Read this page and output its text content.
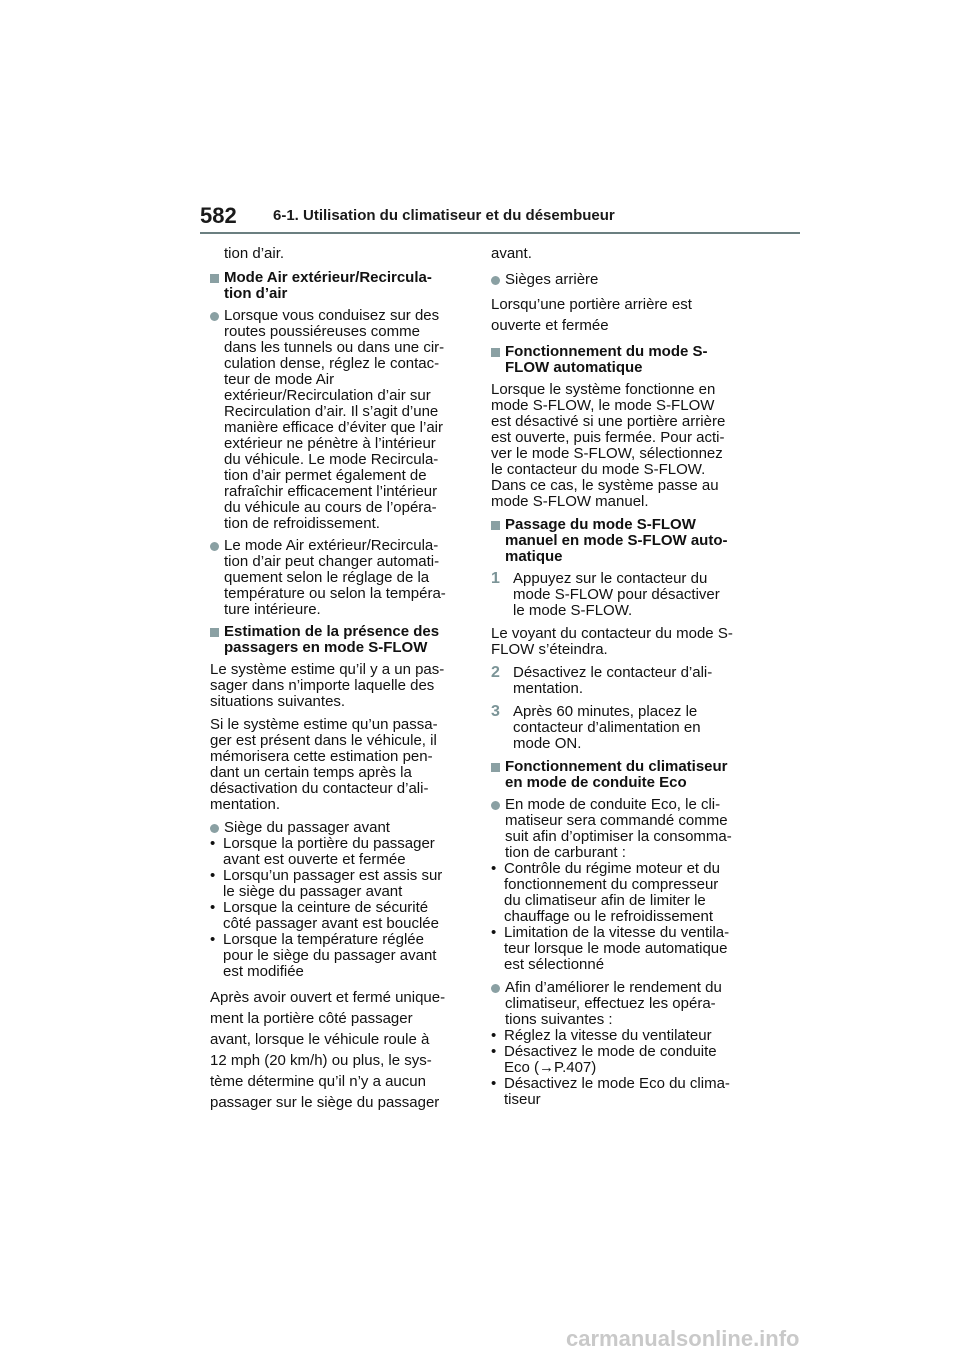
582 6-1. Utilisation du climatiseur et du désembueur

tion d’air.

Mode Air extérieur/Recircula-
tion d’air
Lorsque vous conduisez sur des
routes poussiéreuses comme
dans les tunnels ou dans une cir-
culation dense, réglez le contac-
teur de mode Air
extérieur/Recirculation d’air sur
Recirculation d’air. Il s’agit d’une
manière efficace d’éviter que l’air
extérieur ne pénètre à l’intérieur
du véhicule. Le mode Recircula-
tion d’air permet également de
rafraîchir efficacement l’intérieur
du véhicule au cours de l’opéra-
tion de refroidissement.
Le mode Air extérieur/Recircula-
tion d’air peut changer automati-
quement selon le réglage de la
température ou selon la tempéra-
ture intérieure.
Estimation de la présence des
passagers en mode S-FLOW

Le système estime qu’il y a un pas-
sager dans n’importe laquelle des
situations suivantes.

Si le système estime qu’un passa-
ger est présent dans le véhicule, il
mémorisera cette estimation pen-
dant un certain temps après la
désactivation du contacteur d’ali-
mentation.

Siège du passager avant

• Lorsque la portière du passager
avant est ouverte et fermée

• Lorsqu’un passager est assis sur
le siège du passager avant

• Lorsque la ceinture de sécurité
côté passager avant est bouclée

• Lorsque la température réglée
pour le siège du passager avant
est modifiée

Après avoir ouvert et fermé unique-
ment la portière côté passager
avant, lorsque le véhicule roule à
12 mph (20 km/h) ou plus, le sys-
tème détermine qu’il n’y a aucun
passager sur le siège du passager

avant.

Sièges arrière

Lorsqu’une portière arrière est
ouverte et fermée

Fonctionnement du mode S-
FLOW automatique

Lorsque le système fonctionne en
mode S-FLOW, le mode S-FLOW
est désactivé si une portière arrière
est ouverte, puis fermée. Pour acti-
ver le mode S-FLOW, sélectionnez
le contacteur du mode S-FLOW.
Dans ce cas, le système passe au
mode S-FLOW manuel.

Passage du mode S-FLOW
manuel en mode S-FLOW auto-
matique
1 Appuyez sur le contacteur du
mode S-FLOW pour désactiver
le mode S-FLOW.

Le voyant du contacteur du mode S-
FLOW s’éteindra.

2 Désactivez le contacteur d’ali-
mentation.
3 Après 60 minutes, placez le
contacteur d’alimentation en
mode ON.
Fonctionnement du climatiseur
en mode de conduite Eco
En mode de conduite Eco, le cli-
matiseur sera commandé comme
suit afin d’optimiser la consomma-
tion de carburant :

• Contrôle du régime moteur et du
fonctionnement du compresseur
du climatiseur afin de limiter le
chauffage ou le refroidissement

• Limitation de la vitesse du ventila-
teur lorsque le mode automatique
est sélectionné

Afin d’améliorer le rendement du
climatiseur, effectuez les opéra-
tions suivantes :

• Réglez la vitesse du ventilateur

• Désactivez le mode de conduite
Eco (→P.407)

• Désactivez le mode Eco du clima-
tiseur

carmanualsonline.info
